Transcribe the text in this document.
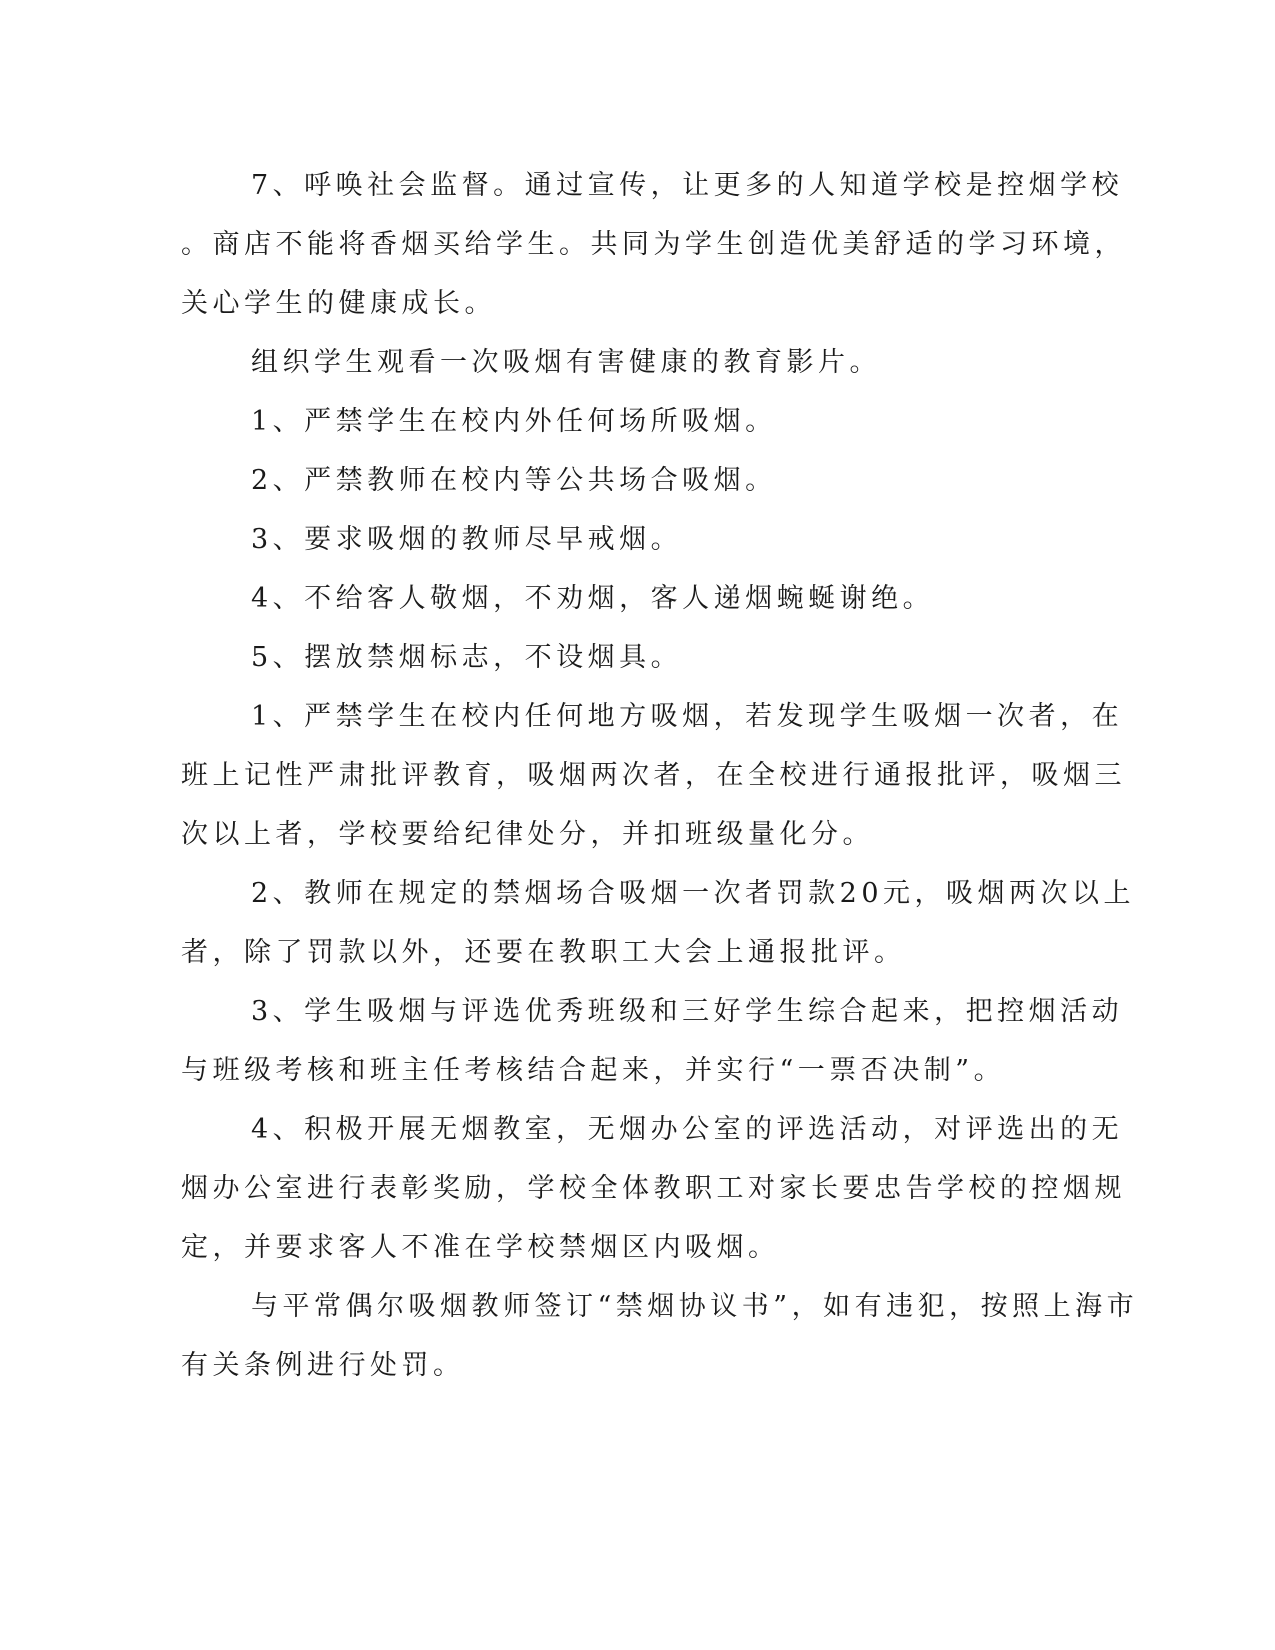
7、呼唤社会监督。通过宣传，让更多的人知道学校是控烟学校
。商店不能将香烟买给学生。共同为学生创造优美舒适的学习环境，
关心学生的健康成长。

组织学生观看一次吸烟有害健康的教育影片。

1、严禁学生在校内外任何场所吸烟。

2、严禁教师在校内等公共场合吸烟。

3、要求吸烟的教师尽早戒烟。

4、不给客人敬烟，不劝烟，客人递烟蜿蜒谢绝。

5、摆放禁烟标志，不设烟具。

1、严禁学生在校内任何地方吸烟，若发现学生吸烟一次者，在
班上记性严肃批评教育，吸烟两次者，在全校进行通报批评，吸烟三
次以上者，学校要给纪律处分，并扣班级量化分。

2、教师在规定的禁烟场合吸烟一次者罚款20元，吸烟两次以上
者，除了罚款以外，还要在教职工大会上通报批评。

3、学生吸烟与评选优秀班级和三好学生综合起来，把控烟活动
与班级考核和班主任考核结合起来，并实行“一票否决制”。

4、积极开展无烟教室，无烟办公室的评选活动，对评选出的无
烟办公室进行表彰奖励，学校全体教职工对家长要忠告学校的控烟规
定，并要求客人不准在学校禁烟区内吸烟。

与平常偶尔吸烟教师签订“禁烟协议书”，如有违犯，按照上海市
有关条例进行处罚。
